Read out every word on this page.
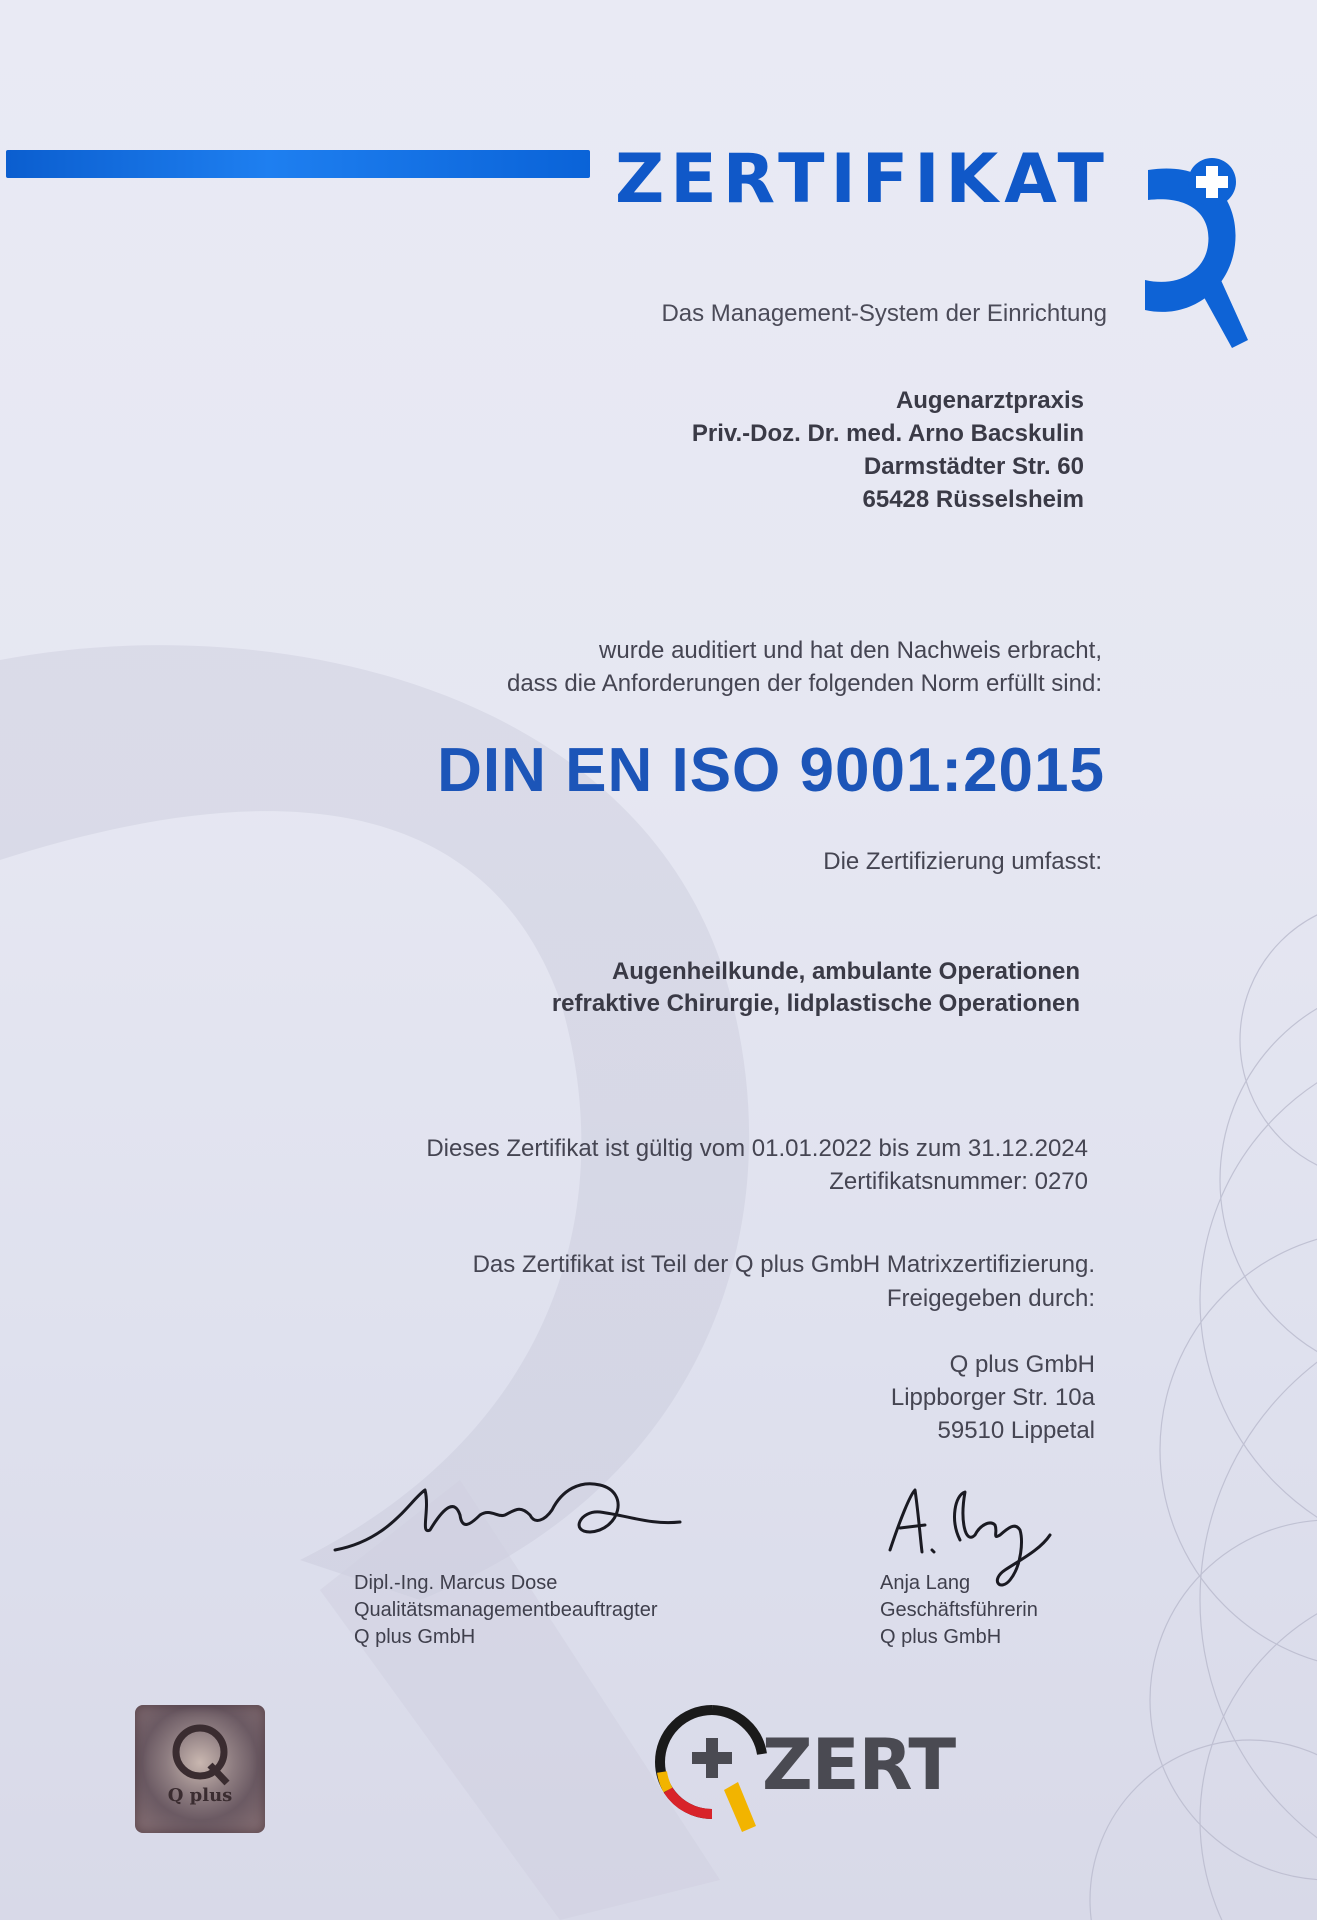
ZERTIFIKAT
Das Management-System der Einrichtung
Augenarztpraxis
Priv.-Doz. Dr. med. Arno Bacskulin
Darmstädter Str. 60
65428 Rüsselsheim
wurde auditiert und hat den Nachweis erbracht,
dass die Anforderungen der folgenden Norm erfüllt sind:
DIN EN ISO 9001:2015
Die Zertifizierung umfasst:
Augenheilkunde, ambulante Operationen
refraktive Chirurgie, lidplastische Operationen
Dieses Zertifikat ist gültig vom 01.01.2022 bis zum 31.12.2024
Zertifikatsnummer: 0270
Das Zertifikat ist Teil der Q plus GmbH Matrixzertifizierung.
Freigegeben durch:
Q plus GmbH
Lippborger Str. 10a
59510 Lippetal
Dipl.-Ing. Marcus Dose
Qualitätsmanagementbeauftragter
Q plus GmbH
Anja Lang
Geschäftsführerin
Q plus GmbH
Q plus	ZERT
